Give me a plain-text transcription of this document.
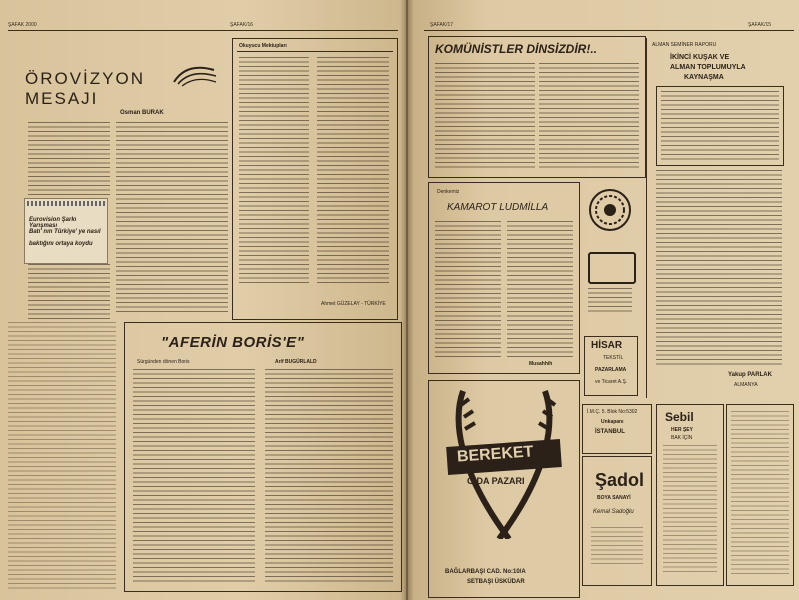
ŞAFAK 2000	ŞAFAK/16
ÖROVİZYON
MESAJI
Osman BURAK
Eurovision Şarkı Yarışması
Batı' nın Türkiye' ye nasıl
baktığını ortaya koydu
Okuyucu Mektupları
Ahmet GÜZELAY - TÜRKİYE
"AFERİN BORİS'E"
Sürgünden dönen Boris	Arif BUGÜRLALD
ŞAFAK/17	ŞAFAK/15
KOMÜNİSTLER DİNSİZDİR!..
Denkemiz
KAMAROT LUDMİLLA
Musahhih
HİSAR
TEKSTİL
PAZARLAMA
ve Ticaret A.Ş.
BEREKET
GIDA PAZARI
BAĞLARBAŞI CAD. No:10/A
SETBAŞI ÜSKÜDAR
İ.M.Ç. 5. Blok No:5302
Unkapanı
İSTANBUL
Şadol
BOYA SANAYİ
Kemal Sadoğlu
Sebil
HER ŞEY
BAK İÇİN
ALMAN SEMİNER RAPORU
İKİNCİ KUŞAK VE
ALMAN TOPLUMUYLA
KAYNAŞMA
Yakup PARLAK
ALMANYA
